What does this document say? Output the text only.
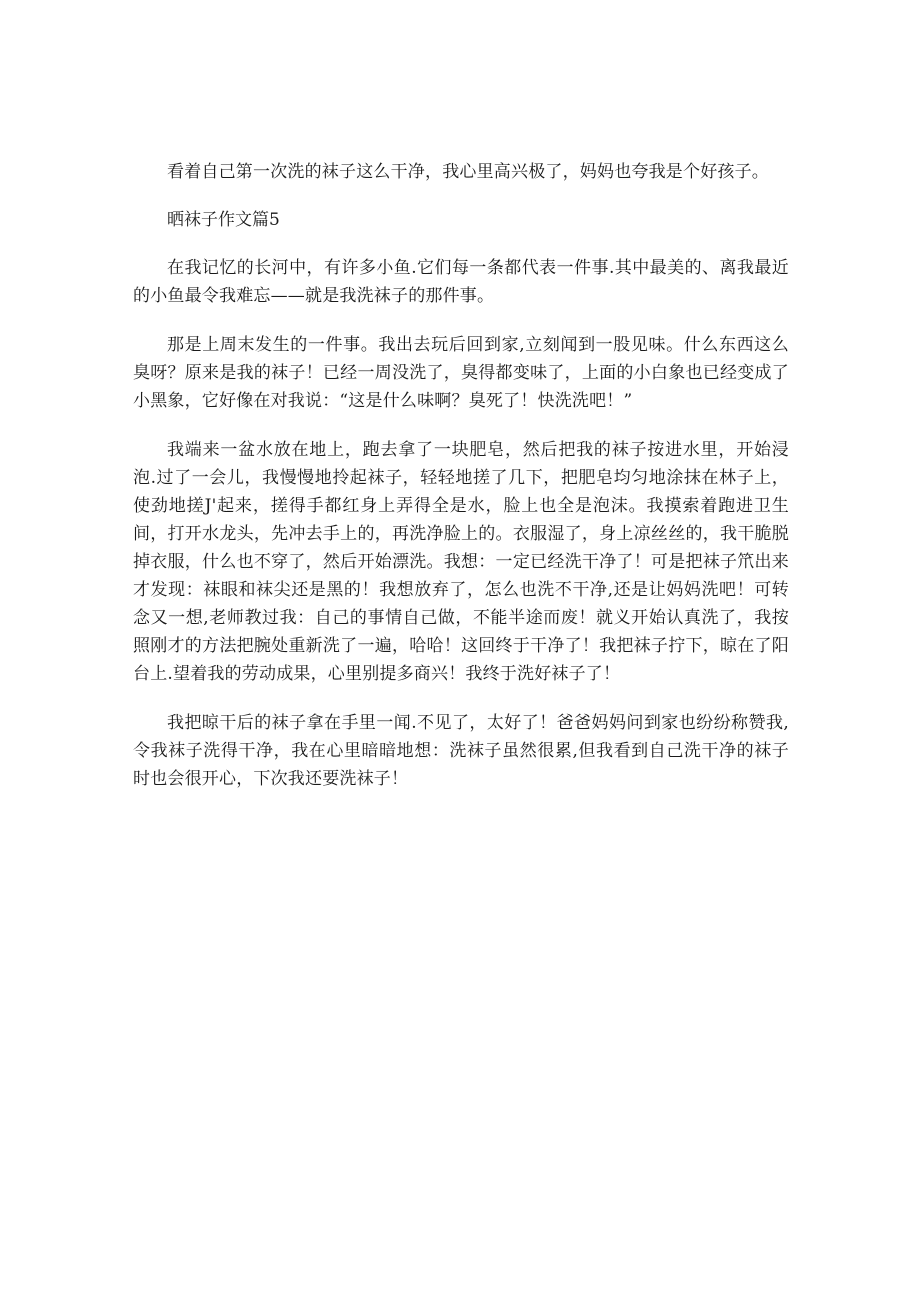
看着自己第一次洗的袜子这么干净，我心里高兴极了，妈妈也夸我是个好孩子。

晒袜子作文篇5

在我记忆的长河中，有许多小鱼.它们每一条都代表一件事.其中最美的、离我最近的小鱼最令我难忘——就是我洗袜子的那件事。

那是上周末发生的一件事。我出去玩后回到家,立刻闻到一股见味。什么东西这么臭呀？原来是我的袜子！已经一周没洗了，臭得都变味了，上面的小白象也已经变成了小黑象，它好像在对我说：“这是什么味啊？臭死了！快洗洗吧！”

我端来一盆水放在地上，跑去拿了一块肥皂，然后把我的袜子按进水里，开始浸泡.过了一会儿，我慢慢地拎起袜子，轻轻地搓了几下，把肥皂均匀地涂抹在林子上，使劲地搓J'起来，搓得手都红身上弄得全是水，脸上也全是泡沫。我摸索着跑进卫生间，打开水龙头，先冲去手上的，再洗净脸上的。衣服湿了，身上凉丝丝的，我干脆脱掉衣服，什么也不穿了，然后开始漂洗。我想：一定已经洗干净了！可是把袜子笊出来才发现：袜眼和袜尖还是黑的！我想放弃了，怎么也洗不干净,还是让妈妈洗吧！可转念又一想,老师教过我：自己的事情自己做，不能半途而废！就义开始认真洗了，我按照刚才的方法把腕处重新洗了一遍，哈哈！这回终于干净了！我把袜子拧下，晾在了阳台上.望着我的劳动成果，心里别提多商兴！我终于洗好袜子了！

我把晾干后的袜子拿在手里一闻.不见了，太好了！爸爸妈妈问到家也纷纷称赞我,令我袜子洗得干净，我在心里暗暗地想：洗袜子虽然很累,但我看到自己洗干净的袜子时也会很开心，下次我还要洗袜子！
